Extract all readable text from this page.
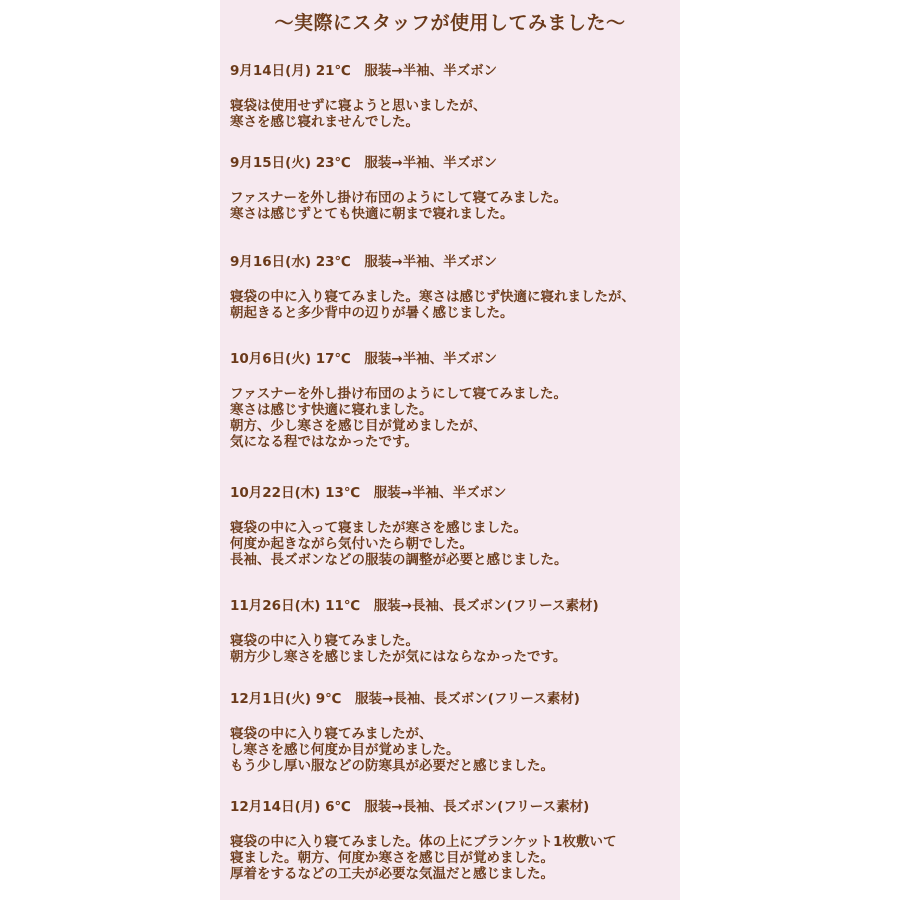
～実際にスタッフが使用してみました～
9月14日(月) 21℃　服装→半袖、半ズボン
寝袋は使用せずに寝ようと思いましたが、
寒さを感じ寝れませんでした。
9月15日(火) 23℃　服装→半袖、半ズボン
ファスナーを外し掛け布団のようにして寝てみました。
寒さは感じずとても快適に朝まで寝れました。
9月16日(水) 23℃　服装→半袖、半ズボン
寝袋の中に入り寝てみました。寒さは感じず快適に寝れましたが、
朝起きると多少背中の辺りが暑く感じました。
10月6日(火) 17℃　服装→半袖、半ズボン
ファスナーを外し掛け布団のようにして寝てみました。
寒さは感じす快適に寝れました。
朝方、少し寒さを感じ目が覚めましたが、
気になる程ではなかったです。
10月22日(木) 13℃　服装→半袖、半ズボン
寝袋の中に入って寝ましたが寒さを感じました。
何度か起きながら気付いたら朝でした。
長袖、長ズボンなどの服装の調整が必要と感じました。
11月26日(木) 11℃　服装→長袖、長ズボン(フリース素材)
寝袋の中に入り寝てみました。
朝方少し寒さを感じましたが気にはならなかったです。
12月1日(火) 9℃　服装→長袖、長ズボン(フリース素材)
寝袋の中に入り寝てみましたが、
し寒さを感じ何度か目が覚めました。
もう少し厚い服などの防寒具が必要だと感じました。
12月14日(月) 6℃　服装→長袖、長ズボン(フリース素材)
寝袋の中に入り寝てみました。体の上にブランケット1枚敷いて
寝ました。朝方、何度か寒さを感じ目が覚めました。
厚着をするなどの工夫が必要な気温だと感じました。
